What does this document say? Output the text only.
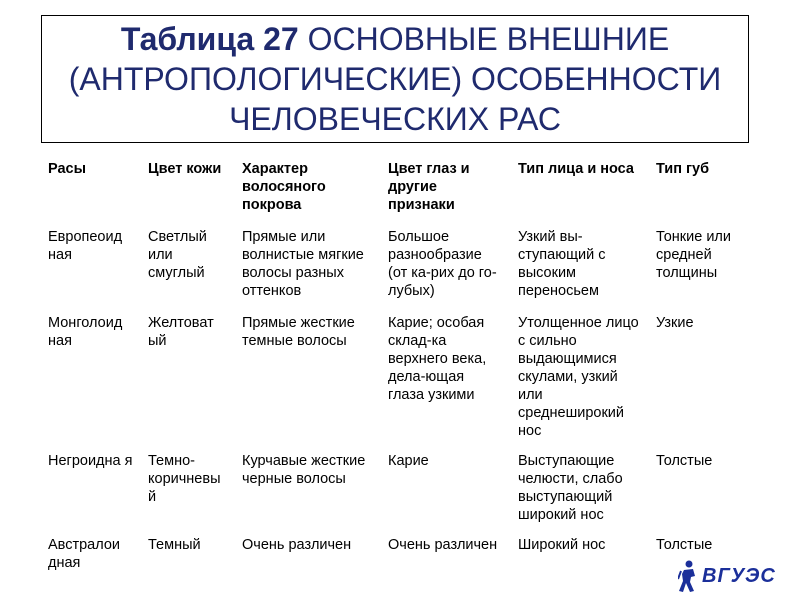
Таблица 27 ОСНОВНЫЕ ВНЕШНИЕ
(АНТРОПОЛОГИЧЕСКИЕ) ОСОБЕННОСТИ
ЧЕЛОВЕЧЕСКИХ РАС
Расы	Цвет кожи	Характер волосяного покрова	Цвет глаз и другие признаки	Тип лица и носа	Тип губ
Европеоид ная	Светлый или смуглый	Прямые или волнистые мягкие волосы разных оттенков	Большое разнообразие (от ка-рих до го-лубых)	Узкий вы-ступающий с высоким переносьем	Тонкие или средней толщины
Монголоид ная	Желтоват ый	Прямые жесткие темные волосы	Карие; особая склад-ка верхнего века, дела-ющая глаза узкими	Утолщенное лицо с сильно выдающимися скулами, узкий или среднеширокий нос	Узкие
Негроидна я	Темно-коричневы й	Курчавые жесткие черные волосы	Карие	Выступающие челюсти, слабо выступающий широкий нос	Толстые
Австралои дная	Темный	Очень различен	Очень различен	Широкий нос	Толстые
ВГУЭС
